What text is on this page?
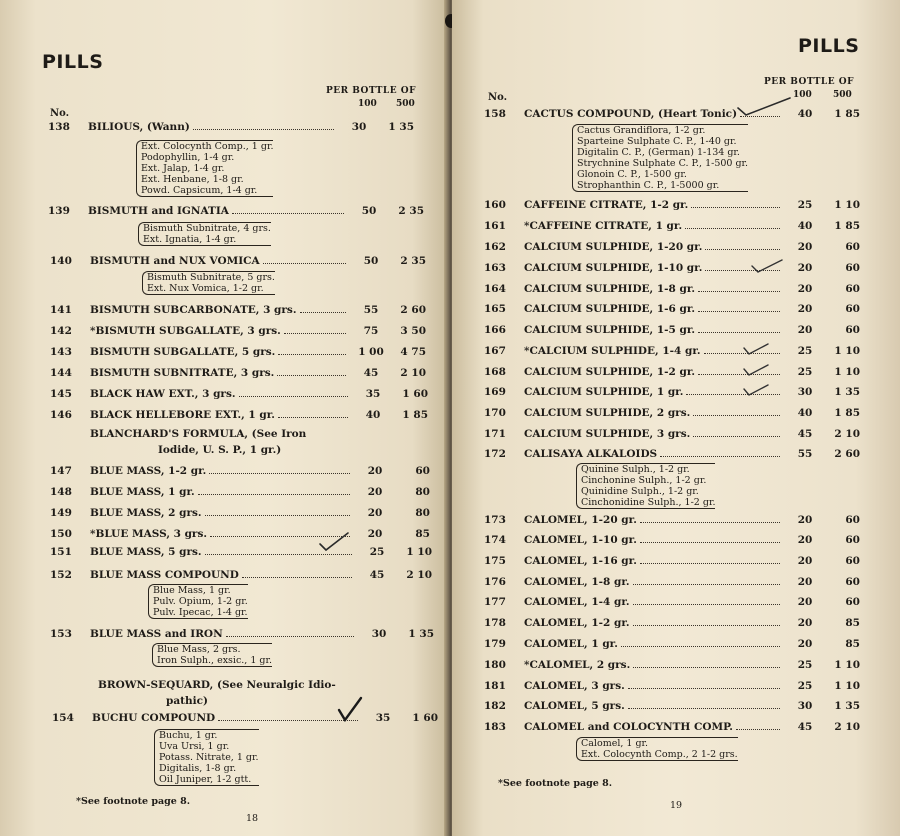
PILLS
PER BOTTLE OF
100 500
No.
138	BILIOUS, (Wann)	30	1 35
Ext. Colocynth Comp., 1 gr.
Podophyllin, 1-4 gr.
Ext. Jalap, 1-4 gr.
Ext. Henbane, 1-8 gr.
Powd. Capsicum, 1-4 gr.
139	BISMUTH and IGNATIA	50	2 35
Bismuth Subnitrate, 4 grs.
Ext. Ignatia, 1-4 gr.
140	BISMUTH and NUX VOMICA	50	2 35
Bismuth Subnitrate, 5 grs.
Ext. Nux Vomica, 1-2 gr.
141	BISMUTH SUBCARBONATE, 3 grs.	55	2 60
142	*BISMUTH SUBGALLATE, 3 grs.	75	3 50
143	BISMUTH SUBGALLATE, 5 grs.	1 00	4 75
144	BISMUTH SUBNITRATE, 3 grs.	45	2 10
145	BLACK HAW EXT., 3 grs.	35	1 60
146	BLACK HELLEBORE EXT., 1 gr.	40	1 85
BLANCHARD'S FORMULA, (See Iron
Iodide, U. S. P., 1 gr.)
147	BLUE MASS, 1-2 gr.	20	60
148	BLUE MASS, 1 gr.	20	80
149	BLUE MASS, 2 grs.	20	80
150	*BLUE MASS, 3 grs.	20	85
151	BLUE MASS, 5 grs.	25	1 10
152	BLUE MASS COMPOUND	45	2 10
Blue Mass, 1 gr.
Pulv. Opium, 1-2 gr.
Pulv. Ipecac, 1-4 gr.
153	BLUE MASS and IRON	30	1 35
Blue Mass, 2 grs.
Iron Sulph., exsic., 1 gr.
BROWN-SEQUARD, (See Neuralgic Idio-
pathic)
154	BUCHU COMPOUND	35	1 60
Buchu, 1 gr.
Uva Ursi, 1 gr.
Potass. Nitrate, 1 gr.
Digitalis, 1-8 gr.
Oil Juniper, 1-2 gtt.
*See footnote page 8.
18
PILLS
PER BOTTLE OF
100 500
No.
158	CACTUS COMPOUND, (Heart Tonic)	40	1 85
Cactus Grandiflora, 1-2 gr.
Sparteine Sulphate C. P., 1-40 gr.
Digitalin C. P., (German) 1-134 gr.
Strychnine Sulphate C. P., 1-500 gr.
Glonoin C. P., 1-500 gr.
Strophanthin C. P., 1-5000 gr.
160	CAFFEINE CITRATE, 1-2 gr.	25	1 10
161	*CAFFEINE CITRATE, 1 gr.	40	1 85
162	CALCIUM SULPHIDE, 1-20 gr.	20	60
163	CALCIUM SULPHIDE, 1-10 gr.	20	60
164	CALCIUM SULPHIDE, 1-8 gr.	20	60
165	CALCIUM SULPHIDE, 1-6 gr.	20	60
166	CALCIUM SULPHIDE, 1-5 gr.	20	60
167	*CALCIUM SULPHIDE, 1-4 gr.	25	1 10
168	CALCIUM SULPHIDE, 1-2 gr.	25	1 10
169	CALCIUM SULPHIDE, 1 gr.	30	1 35
170	CALCIUM SULPHIDE, 2 grs.	40	1 85
171	CALCIUM SULPHIDE, 3 grs.	45	2 10
172	CALISAYA ALKALOIDS	55	2 60
Quinine Sulph., 1-2 gr.
Cinchonine Sulph., 1-2 gr.
Quinidine Sulph., 1-2 gr.
Cinchonidine Sulph., 1-2 gr.
173	CALOMEL, 1-20 gr.	20	60
174	CALOMEL, 1-10 gr.	20	60
175	CALOMEL, 1-16 gr.	20	60
176	CALOMEL, 1-8 gr.	20	60
177	CALOMEL, 1-4 gr.	20	60
178	CALOMEL, 1-2 gr.	20	85
179	CALOMEL, 1 gr.	20	85
180	*CALOMEL, 2 grs.	25	1 10
181	CALOMEL, 3 grs.	25	1 10
182	CALOMEL, 5 grs.	30	1 35
183	CALOMEL and COLOCYNTH COMP.	45	2 10
Calomel, 1 gr.
Ext. Colocynth Comp., 2 1-2 grs.
*See footnote page 8.
19
